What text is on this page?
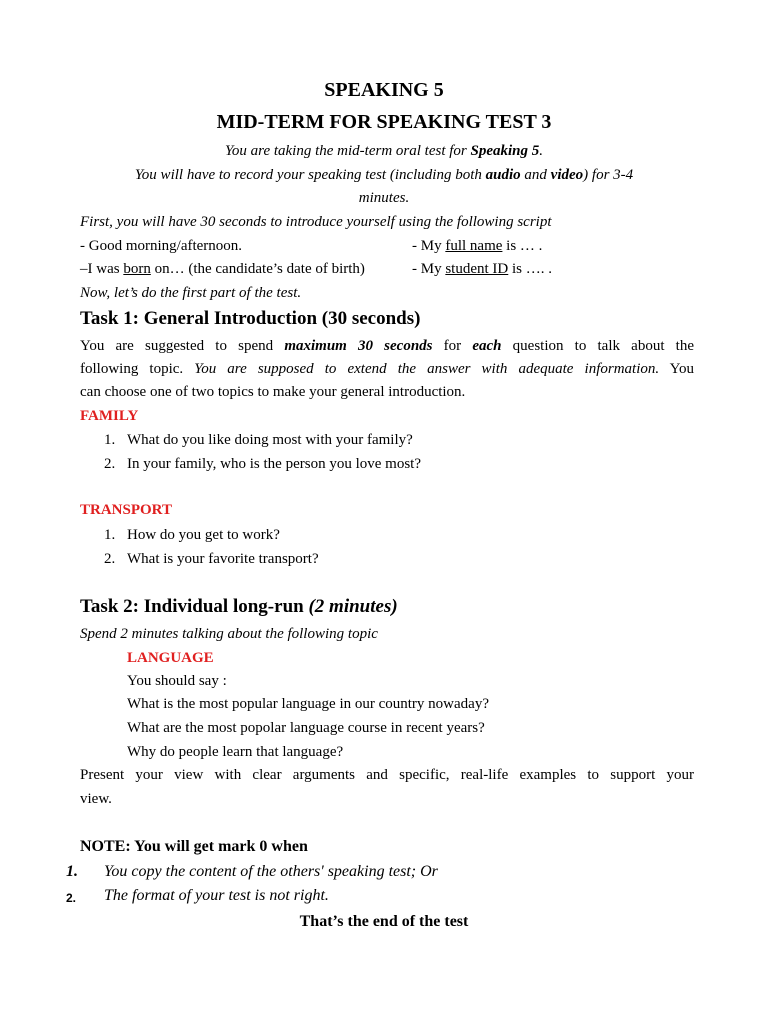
SPEAKING 5

MID-TERM FOR SPEAKING TEST 3

You are taking the mid-term oral test for Speaking 5.

You will have to record your speaking test (including both audio and video) for 3-4

minutes.

First, you will have 30 seconds to introduce yourself using the following script

- Good morning/afternoon.	- My full name is … .

–I was born on… (the candidate’s date of birth)	- My student ID is …. .

Now, let’s do the first part of the test.

Task 1: General Introduction (30 seconds)

You are suggested to spend maximum 30 seconds for each question to talk about the

following topic. You are supposed to extend the answer with adequate information. You

can choose one of two topics to make your general introduction.

FAMILY

1. What do you like doing most with your family?

2. In your family, who is the person you love most?

TRANSPORT

1. How do you get to work?

2. What is your favorite transport?

Task 2: Individual long-run (2 minutes)

Spend 2 minutes talking about the following topic

LANGUAGE

You should say :

What is the most popular language in our country nowaday?

What are the most popolar language course in recent years?

Why do people learn that language?

Present your view with clear arguments and specific, real-life examples to support your

view.

NOTE: You will get mark 0 when

1. You copy the content of the others' speaking test; Or

2. The format of your test is not right.

That’s the end of the test
